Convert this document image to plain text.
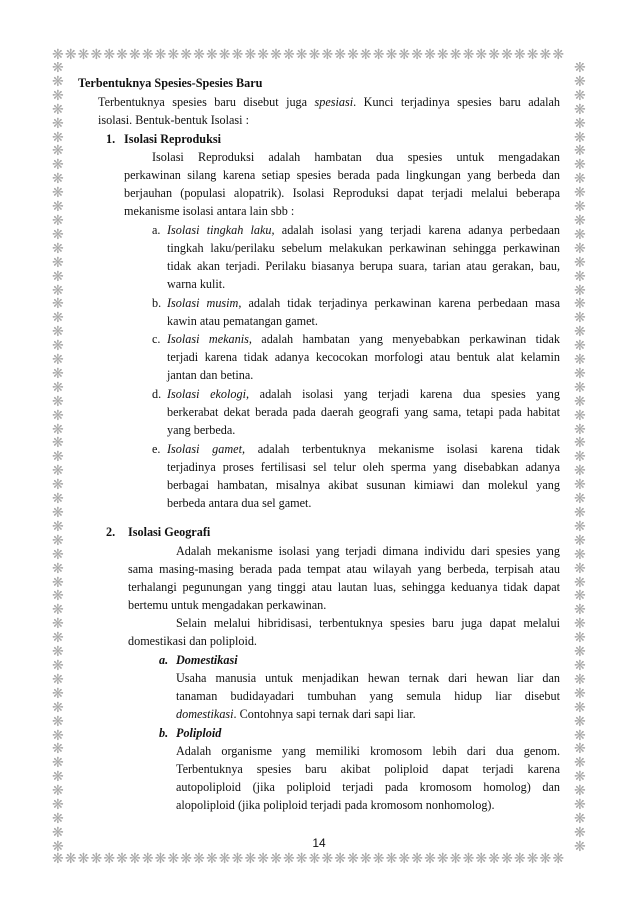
❋❋❋❋❋❋❋❋❋❋❋❋❋❋❋❋❋❋❋❋❋❋❋❋❋❋❋❋❋❋❋❋❋❋❋❋❋❋❋❋
❋❋❋❋❋❋❋❋❋❋❋❋❋❋❋❋❋❋❋❋❋❋❋❋❋❋❋❋❋❋❋❋❋❋❋❋❋❋❋❋
❋❋❋❋❋❋❋❋❋❋❋❋❋❋❋❋❋❋❋❋❋❋❋❋❋❋❋❋❋❋❋❋❋❋❋❋❋❋❋❋❋❋❋❋❋❋❋❋❋❋❋❋❋❋❋❋❋
❋❋❋❋❋❋❋❋❋❋❋❋❋❋❋❋❋❋❋❋❋❋❋❋❋❋❋❋❋❋❋❋❋❋❋❋❋❋❋❋❋❋❋❋❋❋❋❋❋❋❋❋❋❋❋❋❋
Terbentuknya Spesies-Spesies Baru
Terbentuknya spesies baru disebut juga spesiasi. Kunci terjadinya spesies baru adalah
isolasi. Bentuk-bentuk Isolasi :
1. Isolasi Reproduksi
Isolasi Reproduksi adalah hambatan dua spesies untuk mengadakan
perkawinan silang karena setiap spesies berada pada lingkungan yang berbeda dan
berjauhan (populasi alopatrik). Isolasi Reproduksi dapat terjadi melalui beberapa
mekanisme isolasi antara lain sbb :
a. Isolasi tingkah laku, adalah isolasi yang terjadi karena adanya perbedaan
tingkah laku/perilaku sebelum melakukan perkawinan sehingga perkawinan
tidak akan terjadi. Perilaku biasanya berupa suara, tarian atau gerakan, bau,
warna kulit.
b. Isolasi musim, adalah tidak terjadinya perkawinan karena perbedaan masa
kawin atau pematangan gamet.
c. Isolasi mekanis, adalah hambatan yang menyebabkan perkawinan tidak
terjadi karena tidak adanya kecocokan morfologi atau bentuk alat kelamin
jantan dan betina.
d. Isolasi ekologi, adalah isolasi yang terjadi karena dua spesies yang
berkerabat dekat berada pada daerah geografi yang sama, tetapi pada habitat
yang berbeda.
e. Isolasi gamet, adalah terbentuknya mekanisme isolasi karena tidak
terjadinya proses fertilisasi sel telur oleh sperma yang disebabkan adanya
berbagai hambatan, misalnya akibat susunan kimiawi dan molekul yang
berbeda antara dua sel gamet.
2. Isolasi Geografi
Adalah mekanisme isolasi yang terjadi dimana individu dari spesies yang
sama masing-masing berada pada tempat atau wilayah yang berbeda, terpisah atau
terhalangi pegunungan yang tinggi atau lautan luas, sehingga keduanya tidak dapat
bertemu untuk mengadakan perkawinan.
Selain melalui hibridisasi, terbentuknya spesies baru juga dapat melalui
domestikasi dan poliploid.
a. Domestikasi
Usaha manusia untuk menjadikan hewan ternak dari hewan liar dan
tanaman budidayadari tumbuhan yang semula hidup liar disebut
domestikasi. Contohnya sapi ternak dari sapi liar.
b. Poliploid
Adalah organisme yang memiliki kromosom lebih dari dua genom.
Terbentuknya spesies baru akibat poliploid dapat terjadi karena
autopoliploid (jika poliploid terjadi pada kromosom homolog) dan
alopoliploid (jika poliploid terjadi pada kromosom nonhomolog).
14
